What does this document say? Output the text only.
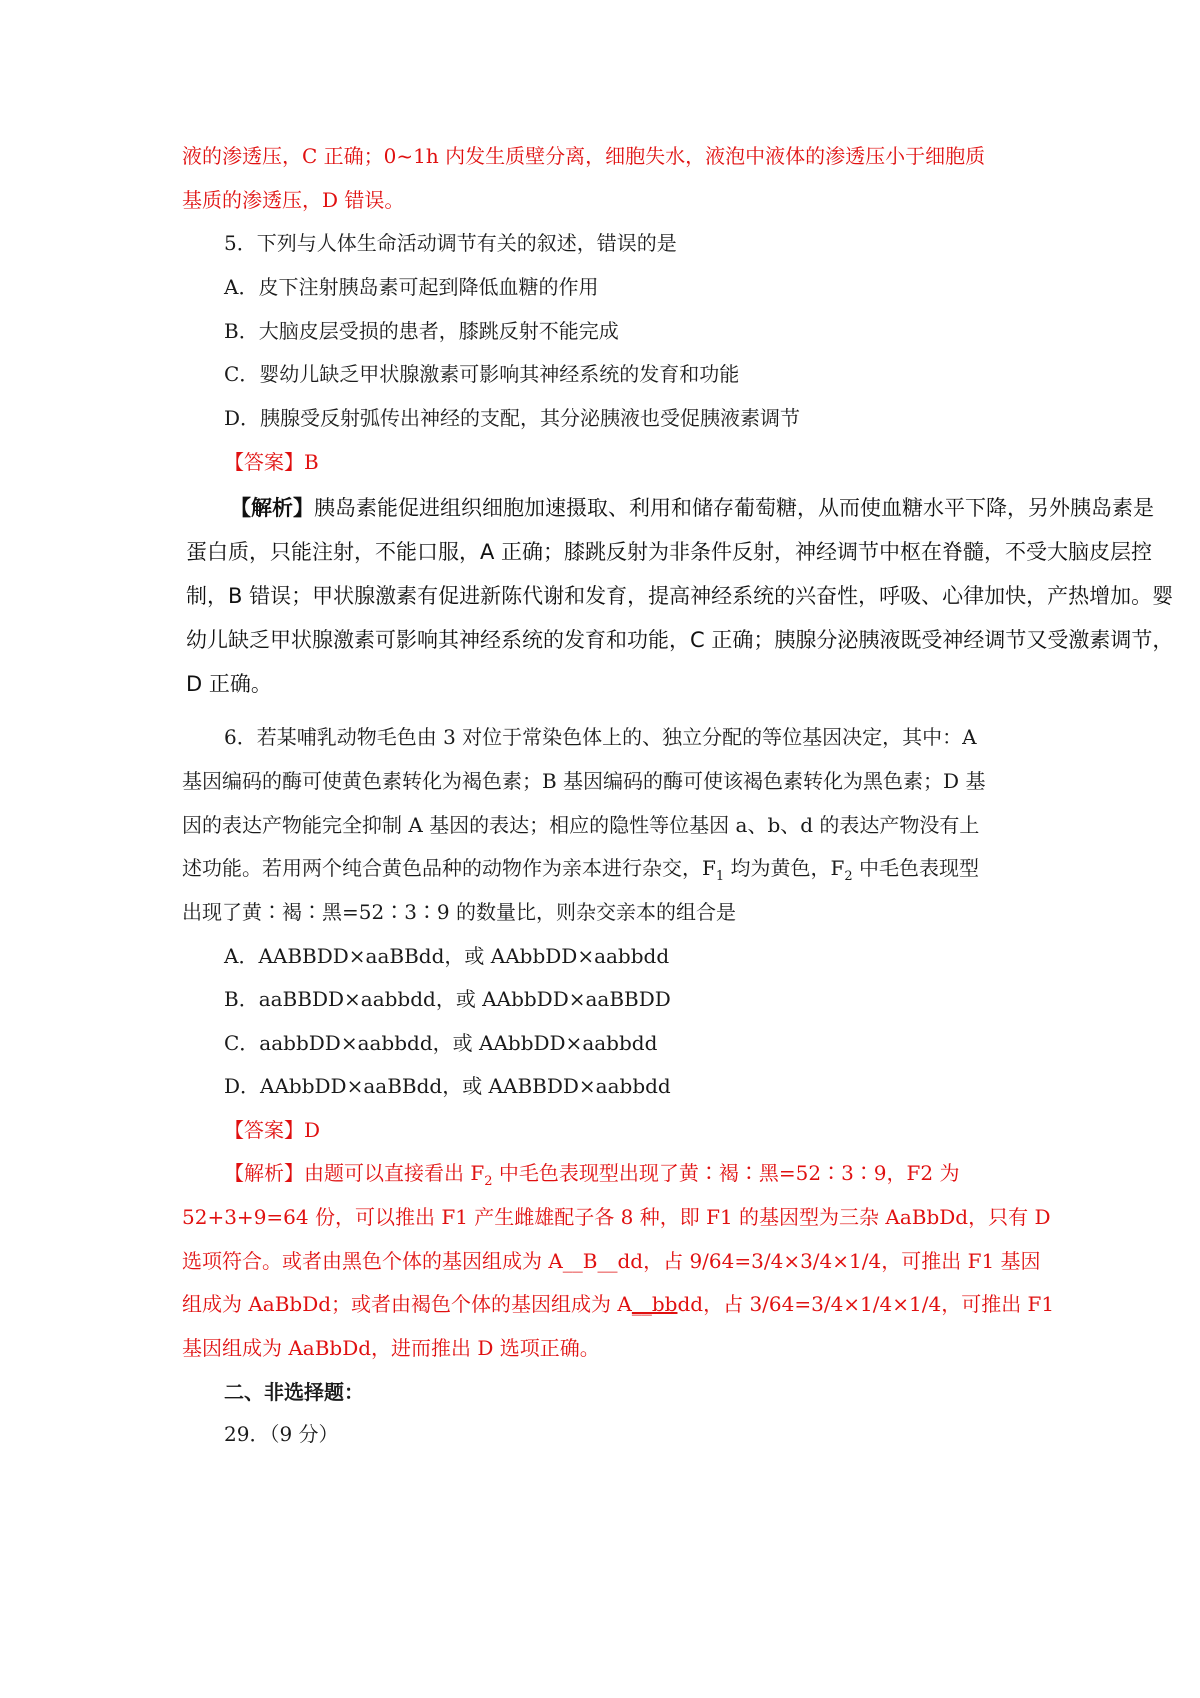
液的渗透压，C 正确；0~1h 内发生质壁分离，细胞失水，液泡中液体的渗透压小于细胞质

基质的渗透压，D 错误。

5．下列与人体生命活动调节有关的叙述，错误的是

A．皮下注射胰岛素可起到降低血糖的作用

B．大脑皮层受损的患者，膝跳反射不能完成

C．婴幼儿缺乏甲状腺激素可影响其神经系统的发育和功能

D．胰腺受反射弧传出神经的支配，其分泌胰液也受促胰液素调节

【答案】B

【解析】胰岛素能促进组织细胞加速摄取、利用和储存葡萄糖，从而使血糖水平下降，另外胰岛素是

蛋白质，只能注射，不能口服，A 正确；膝跳反射为非条件反射，神经调节中枢在脊髓，不受大脑皮层控

制，B 错误；甲状腺激素有促进新陈代谢和发育，提高神经系统的兴奋性，呼吸、心律加快，产热增加。婴

幼儿缺乏甲状腺激素可影响其神经系统的发育和功能，C 正确；胰腺分泌胰液既受神经调节又受激素调节，

D 正确。

6．若某哺乳动物毛色由 3 对位于常染色体上的、独立分配的等位基因决定，其中：A

基因编码的酶可使黄色素转化为褐色素；B 基因编码的酶可使该褐色素转化为黑色素；D 基

因的表达产物能完全抑制 A 基因的表达；相应的隐性等位基因 a、b、d 的表达产物没有上

述功能。若用两个纯合黄色品种的动物作为亲本进行杂交，$F_1$ 均为黄色，$F_2$ 中毛色表现型

出现了黄∶褐∶黑=52∶3∶9 的数量比，则杂交亲本的组合是

A．AABBDD×aaBBdd，或 AAbbDD×aabbdd

B．aaBBDD×aabbdd，或 AAbbDD×aaBBDD

C．aabbDD×aabbdd，或 AAbbDD×aabbdd

D．AAbbDD×aaBBdd，或 AABBDD×aabbdd

【答案】D

【解析】由题可以直接看出 $F_2$ 中毛色表现型出现了黄∶褐∶黑=52∶3∶9，F2 为

52+3+9=64 份，可以推出 F1 产生雌雄配子各 8 种，即 F1 的基因型为三杂 AaBbDd，只有 D

选项符合。或者由黑色个体的基因组成为 A__B__dd，占 9/64=3/4×3/4×1/4，可推出 F1 基因

组成为 AaBbDd；或者由褐色个体的基因组成为 A__bbdd，占 3/64=3/4×1/4×1/4，可推出 F1

基因组成为 AaBbDd，进而推出 D 选项正确。

二、非选择题：

29．（9 分）
